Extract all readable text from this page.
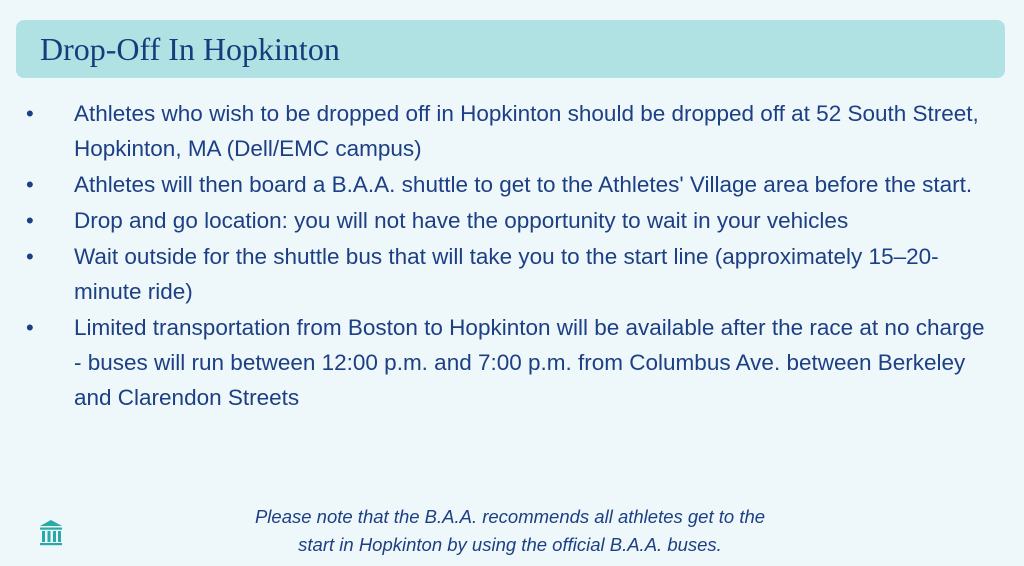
Drop-Off In Hopkinton
• Athletes who wish to be dropped off in Hopkinton should be dropped off at 52 South Street, Hopkinton, MA (Dell/EMC campus)
• Athletes will then board a B.A.A. shuttle to get to the Athletes' Village area before the start.
• Drop and go location: you will not have the opportunity to wait in your vehicles
• Wait outside for the shuttle bus that will take you to the start line (approximately 15–20-minute ride)
• Limited transportation from Boston to Hopkinton will be available after the race at no charge - buses will run between 12:00 p.m. and 7:00 p.m. from Columbus Ave. between Berkeley and Clarendon Streets

Please note that the B.A.A. recommends all athletes get to the
start in Hopkinton by using the official B.A.A. buses.
